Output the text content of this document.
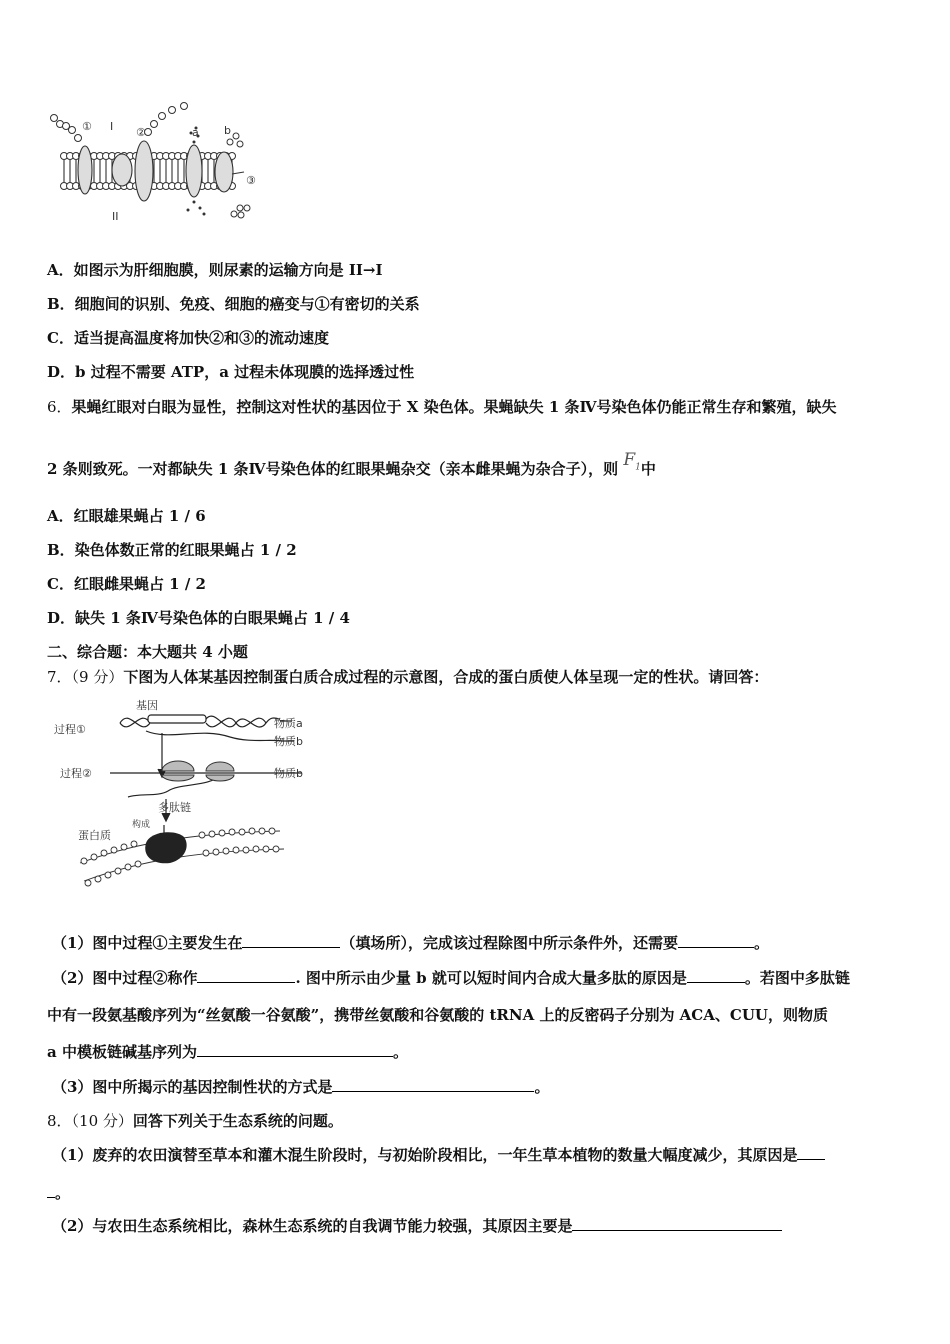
① I ②	a b
③
II
A．如图示为肝细胞膜，则尿素的运输方向是 II→I
B．细胞间的识别、免疫、细胞的癌变与①有密切的关系
C．适当提高温度将加快②和③的流动速度
D．b 过程不需要 ATP，a 过程未体现膜的选择透过性
6．果蝇红眼对白眼为显性，控制这对性状的基因位于 X 染色体。果蝇缺失 1 条Ⅳ号染色体仍能正常生存和繁殖，缺失
2 条则致死。一对都缺失 1 条Ⅳ号染色体的红眼果蝇杂交（亲本雌果蝇为杂合子），则 $F_1$中
A．红眼雄果蝇占 1 / 6
B．染色体数正常的红眼果蝇占 1 / 2
C．红眼雌果蝇占 1 / 2
D．缺失 1 条Ⅳ号染色体的白眼果蝇占 1 / 4
二、综合题：本大题共 4 小题
7．（9 分）下图为人体某基因控制蛋白质合成过程的示意图，合成的蛋白质使人体呈现一定的性状。请回答：
基因
过程①
过程②
物质a
物质b
物质b
多肽链
构成
蛋白质
（1）图中过程①主要发生在	（填场所），完成该过程除图中所示条件外，还需要	。
（2）图中过程②称作	. 图中所示由少量 b 就可以短时间内合成大量多肽的原因是	。若图中多肽链
中有一段氨基酸序列为“丝氨酸一谷氨酸”，携带丝氨酸和谷氨酸的 tRNA 上的反密码子分别为 ACA、CUU，则物质
a 中模板链碱基序列为	。
（3）图中所揭示的基因控制性状的方式是	。
8．（10 分）回答下列关于生态系统的问题。
（1）废弃的农田演替至草本和灌木混生阶段时，与初始阶段相比，一年生草本植物的数量大幅度减少，其原因是
。
（2）与农田生态系统相比，森林生态系统的自我调节能力较强，其原因主要是
